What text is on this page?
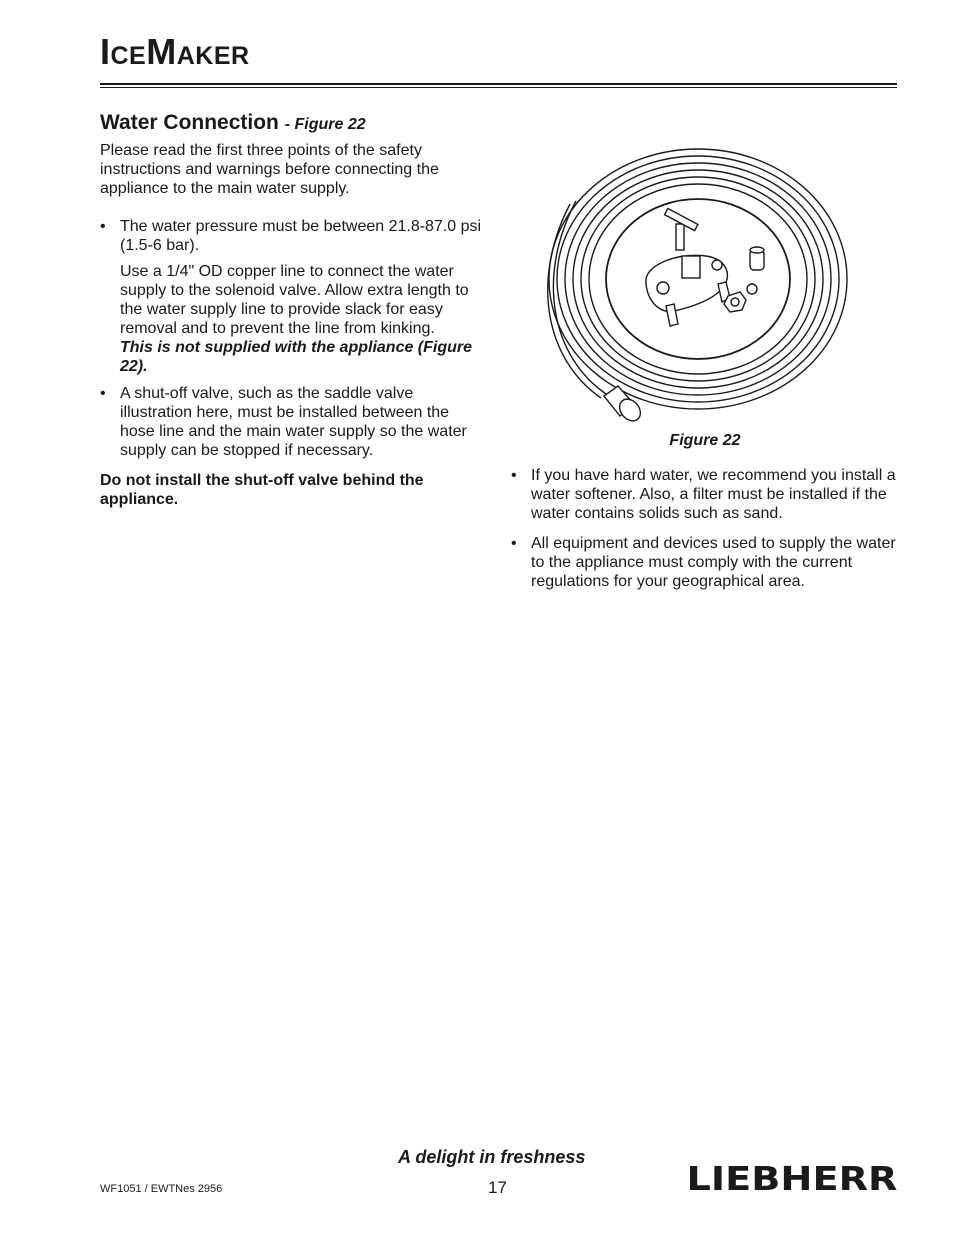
IceMaker
Water Connection - Figure 22

Please read the first three points of the safety instructions and warnings before connecting the appliance to the main water supply.

• The water pressure must be between 21.8-87.0 psi (1.5-6 bar).
Use a 1/4" OD copper line to connect the water supply to the solenoid valve. Allow extra length to the water supply line to provide slack for easy removal and to prevent the line from kinking.
This is not supplied with the appliance (Figure 22).
• A shut-off valve, such as the saddle valve illustration here, must be installed between the hose line and the main water supply so the water supply can be stopped if necessary.

Do not install the shut-off valve behind the appliance.

Figure 22
• If you have hard water, we recommend you install a water softener. Also, a filter must be installed if the water contains solids such as sand.
• All equipment and devices used to supply the water to the appliance must comply with the current regulations for your geographical area.
A delight in freshness
WF1051 / EWTNes 2956	17	LIEBHERR
